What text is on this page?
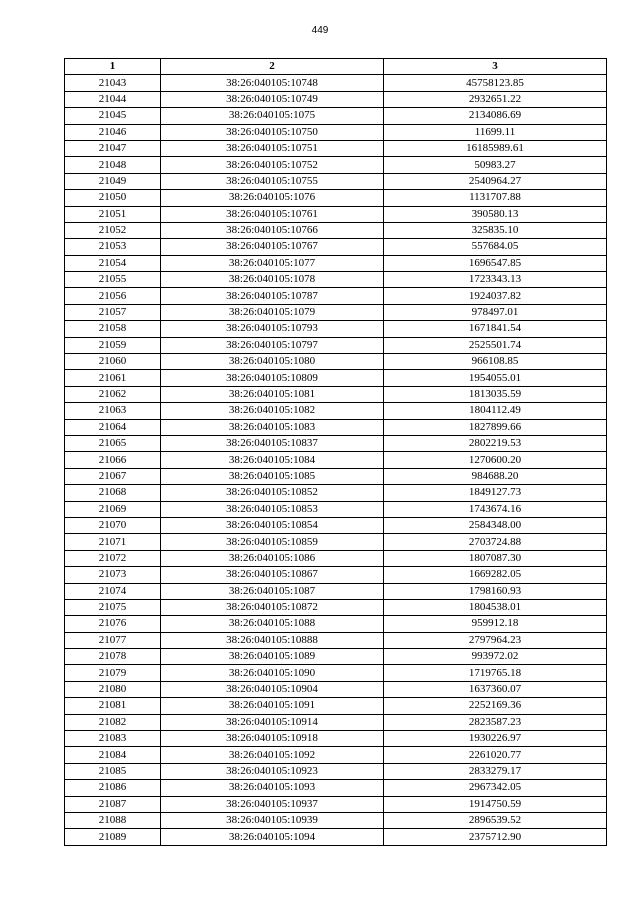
449
1	2	3
21043	38:26:040105:10748	45758123.85
21044	38:26:040105:10749	2932651.22
21045	38:26:040105:1075	2134086.69
21046	38:26:040105:10750	11699.11
21047	38:26:040105:10751	16185989.61
21048	38:26:040105:10752	50983.27
21049	38:26:040105:10755	2540964.27
21050	38:26:040105:1076	1131707.88
21051	38:26:040105:10761	390580.13
21052	38:26:040105:10766	325835.10
21053	38:26:040105:10767	557684.05
21054	38:26:040105:1077	1696547.85
21055	38:26:040105:1078	1723343.13
21056	38:26:040105:10787	1924037.82
21057	38:26:040105:1079	978497.01
21058	38:26:040105:10793	1671841.54
21059	38:26:040105:10797	2525501.74
21060	38:26:040105:1080	966108.85
21061	38:26:040105:10809	1954055.01
21062	38:26:040105:1081	1813035.59
21063	38:26:040105:1082	1804112.49
21064	38:26:040105:1083	1827899.66
21065	38:26:040105:10837	2802219.53
21066	38:26:040105:1084	1270600.20
21067	38:26:040105:1085	984688.20
21068	38:26:040105:10852	1849127.73
21069	38:26:040105:10853	1743674.16
21070	38:26:040105:10854	2584348.00
21071	38:26:040105:10859	2703724.88
21072	38:26:040105:1086	1807087.30
21073	38:26:040105:10867	1669282.05
21074	38:26:040105:1087	1798160.93
21075	38:26:040105:10872	1804538.01
21076	38:26:040105:1088	959912.18
21077	38:26:040105:10888	2797964.23
21078	38:26:040105:1089	993972.02
21079	38:26:040105:1090	1719765.18
21080	38:26:040105:10904	1637360.07
21081	38:26:040105:1091	2252169.36
21082	38:26:040105:10914	2823587.23
21083	38:26:040105:10918	1930226.97
21084	38:26:040105:1092	2261020.77
21085	38:26:040105:10923	2833279.17
21086	38:26:040105:1093	2967342.05
21087	38:26:040105:10937	1914750.59
21088	38:26:040105:10939	2896539.52
21089	38:26:040105:1094	2375712.90
